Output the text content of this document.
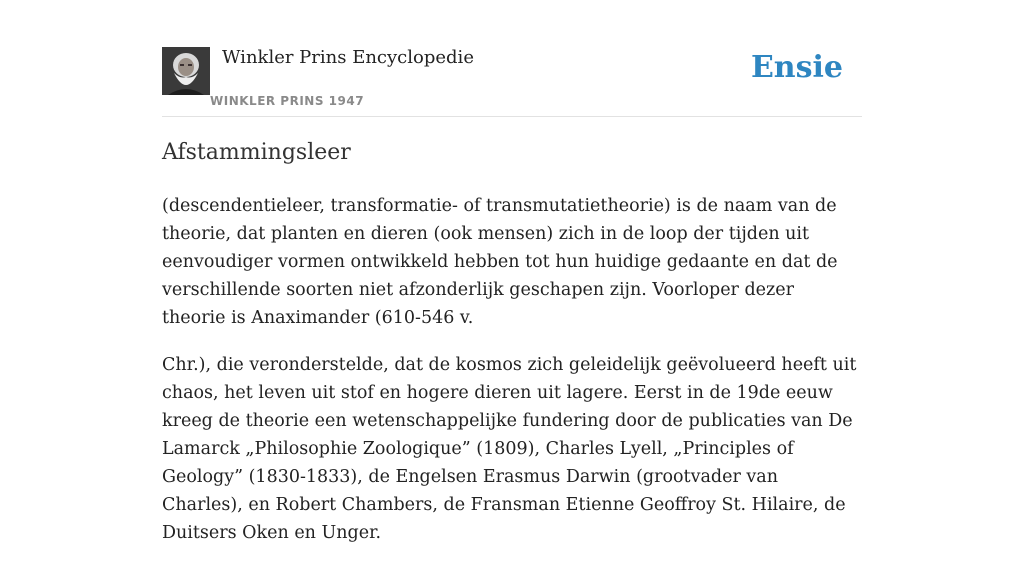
Winkler Prins Encyclopedie
WINKLER PRINS 1947
Ensie
Afstammingsleer

(descendentieleer, transformatie- of transmutatietheorie) is de naam van de theorie, dat planten en dieren (ook mensen) zich in de loop der tijden uit eenvoudiger vormen ontwikkeld hebben tot hun huidige gedaante en dat de verschillende soorten niet afzonderlijk geschapen zijn. Voorloper dezer theorie is Anaximander (610-546 v.

Chr.), die veronderstelde, dat de kosmos zich geleidelijk geëvolueerd heeft uit chaos, het leven uit stof en hogere dieren uit lagere. Eerst in de 19de eeuw kreeg de theorie een wetenschappelijke fundering door de publicaties van De Lamarck „Philosophie Zoologique” (1809), Charles Lyell, „Principles of Geology” (1830-1833), de Engelsen Erasmus Darwin (grootvader van Charles), en Robert Chambers, de Fransman Etienne Geoffroy St. Hilaire, de Duitsers Oken en Unger.
